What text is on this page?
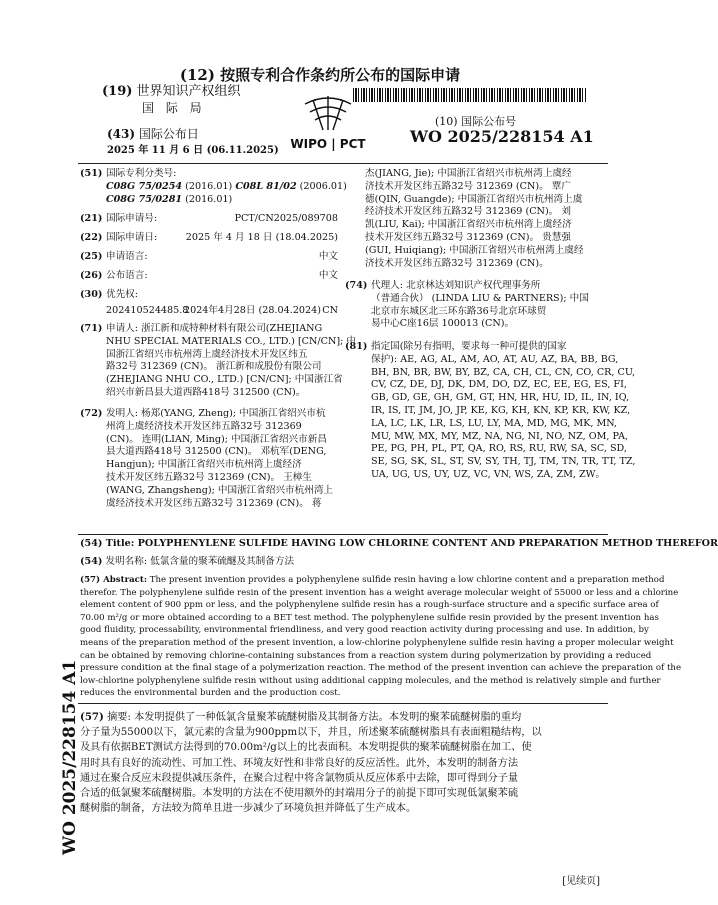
(12) 按照专利合作条约所公布的国际申请
(19) 世界知识产权组织
国 际 局
(43) 国际公布日
2025 年 11 月 6 日 (06.11.2025) WIPO | PCT
(10) 国际公布号
WO 2025/228154 A1
(51) 国际专利分类号:
C08G 75/0254 (2016.01) C08L 81/02 (2006.01)
C08G 75/0281 (2016.01)
(21) 国际申请号:	PCT/CN2025/089708
(22) 国际申请日:	2025 年 4 月 18 日 (18.04.2025)
(25) 申请语言:	中文
(26) 公布语言:	中文
(30) 优先权:
202410524485.8
2024年4月28日 (28.04.2024) CN
(71) 申请人: 浙江新和成特种材料有限公司(ZHEJIANG

NHU SPECIAL MATERIALS CO., LTD.) [CN/CN]; 中

国浙江省绍兴市杭州湾上虞经济技术开发区纬五

路32号 312369 (CN)。 浙江新和成股份有限公司

(ZHEJIANG NHU CO., LTD.) [CN/CN]; 中国浙江省

绍兴市新昌县大道西路418号 312500 (CN)。

(72) 发明人: 杨郑(YANG, Zheng); 中国浙江省绍兴市杭

州湾上虞经济技术开发区纬五路32号 312369

(CN)。 连明(LIAN, Ming); 中国浙江省绍兴市新昌

县大道西路418号 312500 (CN)。 邓杭军(DENG,

Hangjun); 中国浙江省绍兴市杭州湾上虞经济

技术开发区纬五路32号 312369 (CN)。 王樟生

(WANG, Zhangsheng); 中国浙江省绍兴市杭州湾上

虞经济技术开发区纬五路32号 312369 (CN)。 蒋

杰(JIANG, Jie); 中国浙江省绍兴市杭州湾上虞经

济技术开发区纬五路32号 312369 (CN)。 覃广

德(QIN, Guangde); 中国浙江省绍兴市杭州湾上虞

经济技术开发区纬五路32号 312369 (CN)。 刘

凯(LIU, Kai); 中国浙江省绍兴市杭州湾上虞经济

技术开发区纬五路32号 312369 (CN)。 贵慧强

(GUI, Huiqiang); 中国浙江省绍兴市杭州湾上虞经

济技术开发区纬五路32号 312369 (CN)。

(74) 代理人: 北京林达刘知识产权代理事务所

（普通合伙） (LINDA LIU & PARTNERS); 中国

北京市东城区北三环东路36号北京环球贸

易中心C座16层 100013 (CN)。

(81) 指定国(除另有指明，要求每一种可提供的国家

保护): AE, AG, AL, AM, AO, AT, AU, AZ, BA, BB, BG,

BH, BN, BR, BW, BY, BZ, CA, CH, CL, CN, CO, CR, CU,

CV, CZ, DE, DJ, DK, DM, DO, DZ, EC, EE, EG, ES, FI,

GB, GD, GE, GH, GM, GT, HN, HR, HU, ID, IL, IN, IQ,

IR, IS, IT, JM, JO, JP, KE, KG, KH, KN, KP, KR, KW, KZ,

LA, LC, LK, LR, LS, LU, LY, MA, MD, MG, MK, MN,

MU, MW, MX, MY, MZ, NA, NG, NI, NO, NZ, OM, PA,

PE, PG, PH, PL, PT, QA, RO, RS, RU, RW, SA, SC, SD,

SE, SG, SK, SL, ST, SV, SY, TH, TJ, TM, TN, TR, TT, TZ,

UA, UG, US, UY, UZ, VC, VN, WS, ZA, ZM, ZW。

(54) Title: POLYPHENYLENE SULFIDE HAVING LOW CHLORINE CONTENT AND PREPARATION METHOD THEREFOR
(54) 发明名称: 低氯含量的聚苯硫醚及其制备方法

(57) Abstract: The present invention provides a polyphenylene sulfide resin having a low chlorine content and a preparation method

therefor. The polyphenylene sulfide resin of the present invention has a weight average molecular weight of 55000 or less and a chlorine

element content of 900 ppm or less, and the polyphenylene sulfide resin has a rough-surface structure and a specific surface area of

70.00 m²/g or more obtained according to a BET test method. The polyphenylene sulfide resin provided by the present invention has

good fluidity, processability, environmental friendliness, and very good reaction activity during processing and use. In addition, by

means of the preparation method of the present invention, a low-chlorine polyphenylene sulfide resin having a proper molecular weight

can be obtained by removing chlorine-containing substances from a reaction system during polymerization by providing a reduced

pressure condition at the final stage of a polymerization reaction. The method of the present invention can achieve the preparation of the

low-chlorine polyphenylene sulfide resin without using additional capping molecules, and the method is relatively simple and further

reduces the environmental burden and the production cost.

(57) 摘要: 本发明提供了一种低氯含量聚苯硫醚树脂及其制备方法。本发明的聚苯硫醚树脂的重均

分子量为55000以下，氯元素的含量为900ppm以下，并且，所述聚苯硫醚树脂具有表面粗糙结构，以

及具有依据BET测试方法得到的70.00m²/g以上的比表面积。本发明提供的聚苯硫醚树脂在加工、使

用时具有良好的流动性、可加工性、环境友好性和非常良好的反应活性。此外，本发明的制备方法

通过在聚合反应末段提供减压条件，在聚合过程中将含氯物质从反应体系中去除，即可得到分子量

合适的低氯聚苯硫醚树脂。本发明的方法在不使用额外的封端用分子的前提下即可实现低氯聚苯硫

醚树脂的制备，方法较为简单且进一步减少了环境负担并降低了生产成本。

WO 2025/228154 A1
[见续页]
